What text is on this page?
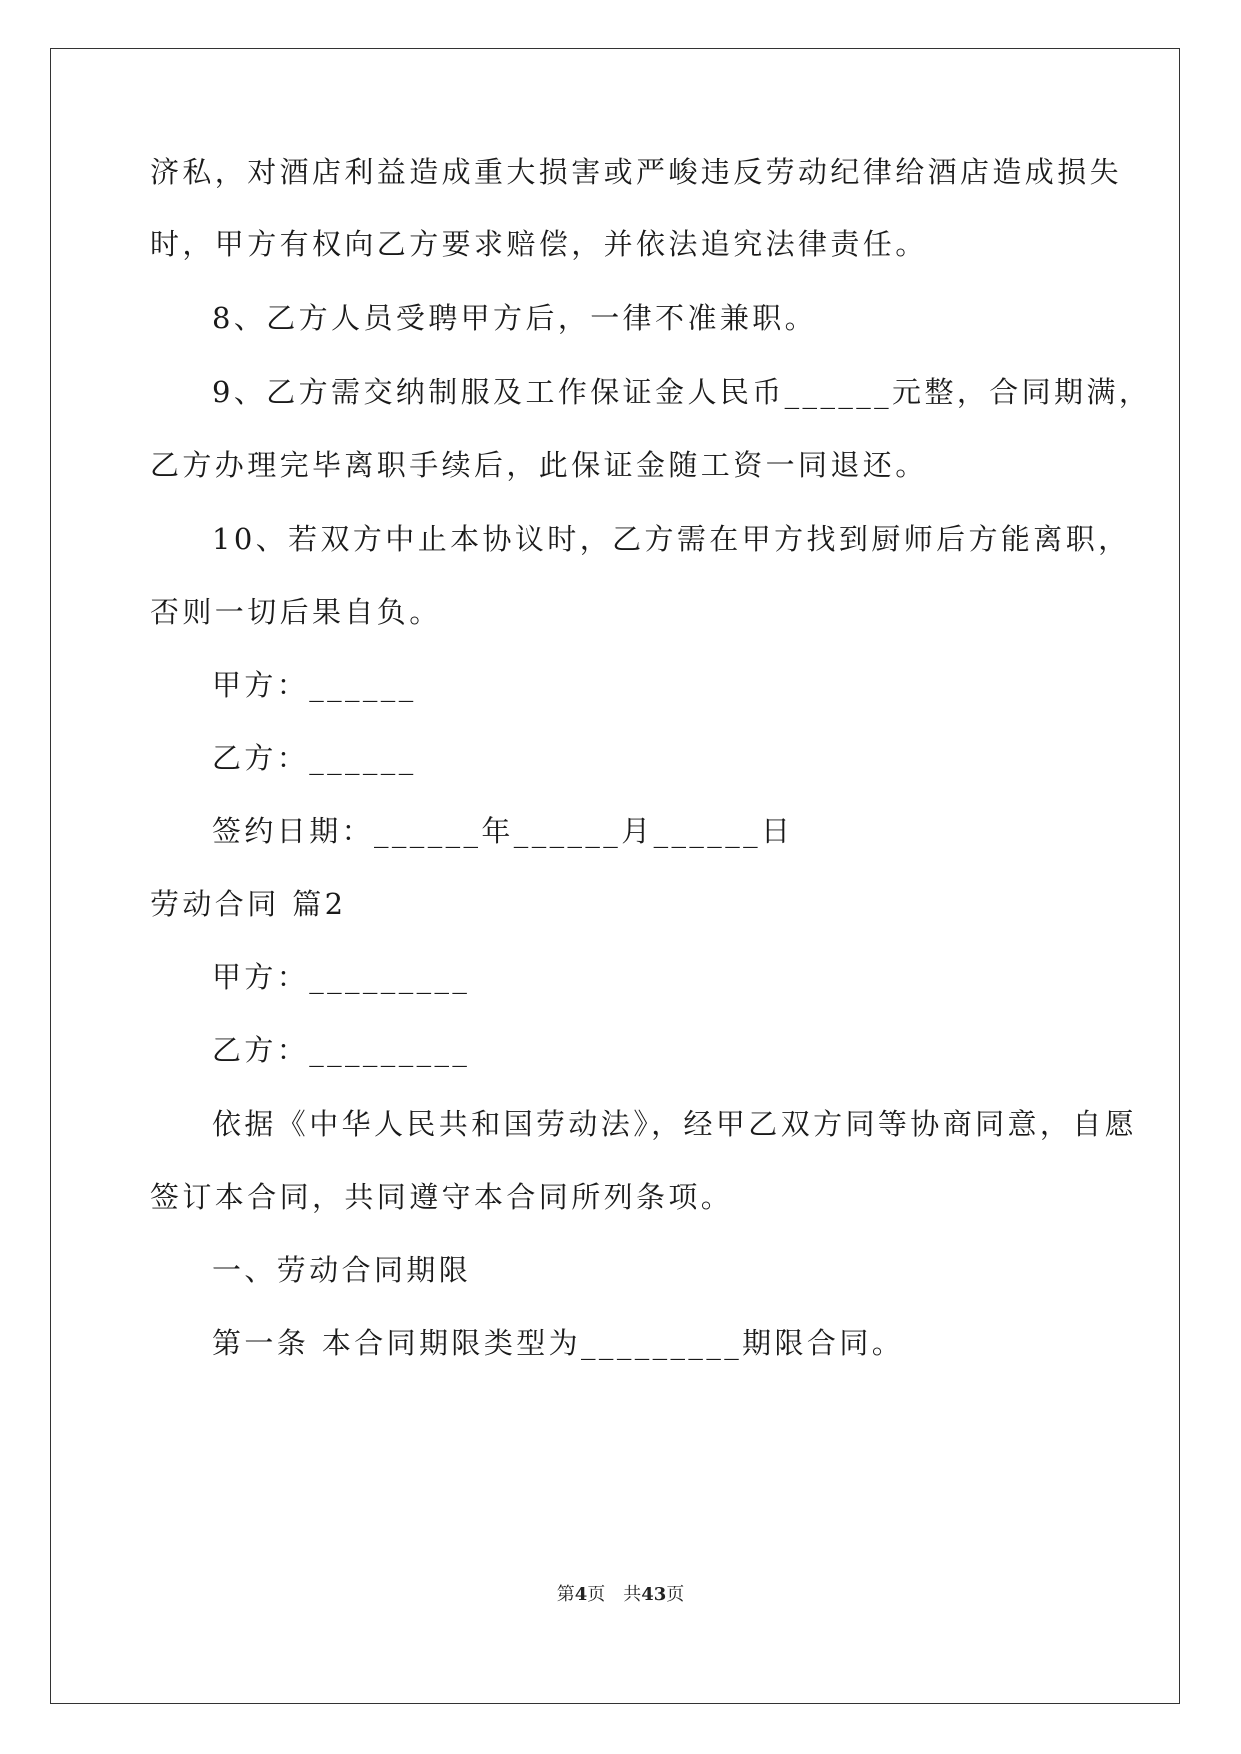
济私，对酒店利益造成重大损害或严峻违反劳动纪律给酒店造成损失
时，甲方有权向乙方要求赔偿，并依法追究法律责任。
8、乙方人员受聘甲方后，一律不准兼职。
9、乙方需交纳制服及工作保证金人民币______元整，合同期满，
乙方办理完毕离职手续后，此保证金随工资一同退还。
10、若双方中止本协议时，乙方需在甲方找到厨师后方能离职，
否则一切后果自负。
甲方：______
乙方：______
签约日期：______年______月______日
劳动合同 篇2
甲方：_________
乙方：_________
依据《中华人民共和国劳动法》，经甲乙双方同等协商同意，自愿
签订本合同，共同遵守本合同所列条项。
一、劳动合同期限
第一条 本合同期限类型为_________期限合同。
第4页　共43页
